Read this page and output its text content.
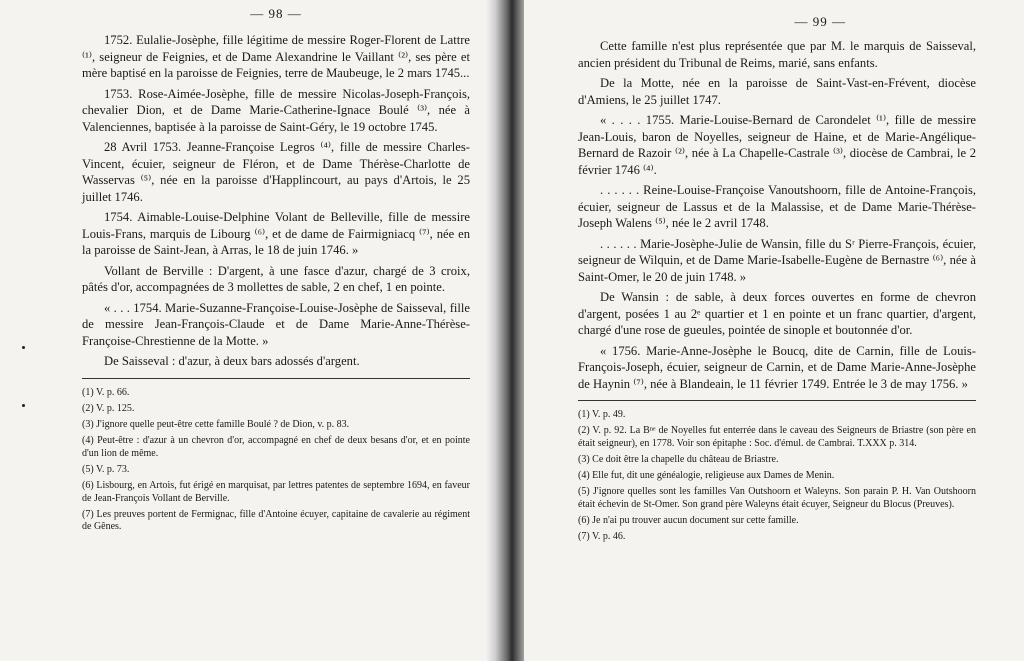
— 98 —

1752. Eulalie-Josèphe, fille légitime de messire Roger-Florent de Lattre ⁽¹⁾, seigneur de Feignies, et de Dame Alexandrine le Vaillant ⁽²⁾, ses père et mère baptisé en la paroisse de Feignies, terre de Maubeuge, le 2 mars 1745...

1753. Rose-Aimée-Josèphe, fille de messire Nicolas-Joseph-François, chevalier Dion, et de Dame Marie-Catherine-Ignace Boulé ⁽³⁾, née à Valenciennes, baptisée à la paroisse de Saint-Géry, le 19 octobre 1745.

28 Avril 1753. Jeanne-Françoise Legros ⁽⁴⁾, fille de messire Charles-Vincent, écuier, seigneur de Fléron, et de Dame Thérèse-Charlotte de Wasservas ⁽⁵⁾, née en la paroisse d'Happlincourt, au pays d'Artois, le 25 juillet 1746.

1754. Aimable-Louise-Delphine Volant de Belleville, fille de messire Louis-Frans, marquis de Libourg ⁽⁶⁾, et de dame de Fairmigniacq ⁽⁷⁾, née en la paroisse de Saint-Jean, à Arras, le 18 de juin 1746. »

Vollant de Berville : D'argent, à une fasce d'azur, chargé de 3 croix, pâtés d'or, accompagnées de 3 mollettes de sable, 2 en chef, 1 en pointe.

« . . . 1754. Marie-Suzanne-Françoise-Louise-Josèphe de Saisseval, fille de messire Jean-François-Claude et de Dame Marie-Anne-Thérèse-Françoise-Chrestienne de la Motte. »

De Saisseval : d'azur, à deux bars adossés d'argent.

(1) V. p. 66.

(2) V. p. 125.

(3) J'ignore quelle peut-être cette famille Boulé ? de Dion, v. p. 83.

(4) Peut-être : d'azur à un chevron d'or, accompagné en chef de deux besans d'or, et en pointe d'un lion de même.

(5) V. p. 73.

(6) Lisbourg, en Artois, fut érigé en marquisat, par lettres patentes de septembre 1694, en faveur de Jean-François Vollant de Berville.

(7) Les preuves portent de Fermignac, fille d'Antoine écuyer, capitaine de cavalerie au régiment de Gênes.

— 99 —

Cette famille n'est plus représentée que par M. le marquis de Saisseval, ancien président du Tribunal de Reims, marié, sans enfants.

De la Motte, née en la paroisse de Saint-Vast-en-Frévent, diocèse d'Amiens, le 25 juillet 1747.

« . . . . 1755. Marie-Louise-Bernard de Carondelet ⁽¹⁾, fille de messire Jean-Louis, baron de Noyelles, seigneur de Haine, et de Marie-Angélique-Bernard de Razoir ⁽²⁾, née à La Chapelle-Castrale ⁽³⁾, diocèse de Cambrai, le 2 février 1746 ⁽⁴⁾.

. . . . . . Reine-Louise-Françoise Vanoutshoorn, fille de Antoine-François, écuier, seigneur de Lassus et de la Malassise, et de Dame Marie-Thérèse-Joseph Walens ⁽⁵⁾, née le 2 avril 1748.

. . . . . . Marie-Josèphe-Julie de Wansin, fille du Sʳ Pierre-François, écuier, seigneur de Wilquin, et de Dame Marie-Isabelle-Eugène de Bernastre ⁽⁶⁾, née à Saint-Omer, le 20 de juin 1748. »

De Wansin : de sable, à deux forces ouvertes en forme de chevron d'argent, posées 1 au 2ᵉ quartier et 1 en pointe et un franc quartier, d'argent, chargé d'une rose de gueules, pointée de sinople et boutonnée d'or.

« 1756. Marie-Anne-Josèphe le Boucq, dite de Carnin, fille de Louis-François-Joseph, écuier, seigneur de Carnin, et de Dame Marie-Anne-Josèphe de Haynin ⁽⁷⁾, née à Blandeain, le 11 février 1749. Entrée le 3 de may 1756. »

(1) V. p. 49.

(2) V. p. 92. La Bⁿᵉ de Noyelles fut enterrée dans le caveau des Seigneurs de Briastre (son père en était seigneur), en 1778. Voir son épitaphe : Soc. d'émul. de Cambrai. T.XXX p. 314.

(3) Ce doit être la chapelle du château de Briastre.

(4) Elle fut, dit une généalogie, religieuse aux Dames de Menin.

(5) J'ignore quelles sont les familles Van Outshoorn et Waleyns. Son parain P. H. Van Outshoorn était échevin de St-Omer. Son grand père Waleyns était écuyer, Seigneur du Blocus (Preuves).

(6) Je n'ai pu trouver aucun document sur cette famille.

(7) V. p. 46.
